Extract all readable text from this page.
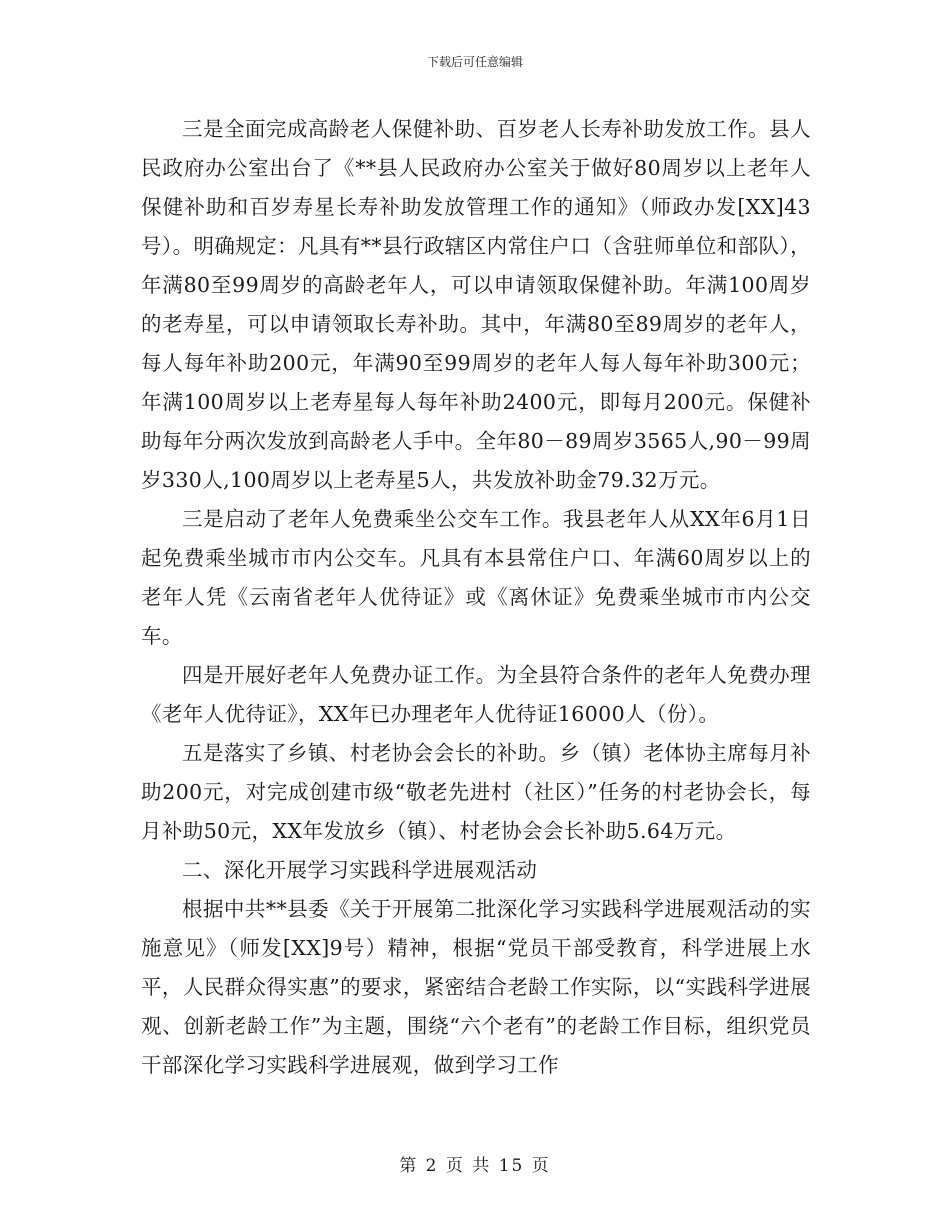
下载后可任意编辑

三是全面完成高龄老人保健补助、百岁老人长寿补助发放工作。县人民政府办公室出台了《**县人民政府办公室关于做好80周岁以上老年人保健补助和百岁寿星长寿补助发放管理工作的通知》（师政办发[XX]43号）。明确规定：凡具有**县行政辖区内常住户口（含驻师单位和部队），年满80至99周岁的高龄老年人，可以申请领取保健补助。年满100周岁的老寿星，可以申请领取长寿补助。其中，年满80至89周岁的老年人，每人每年补助200元，年满90至99周岁的老年人每人每年补助300元；年满100周岁以上老寿星每人每年补助2400元，即每月200元。保健补助每年分两次发放到高龄老人手中。全年80－89周岁3565人,90－99周岁330人,100周岁以上老寿星5人，共发放补助金79.32万元。

三是启动了老年人免费乘坐公交车工作。我县老年人从XX年6月1日起免费乘坐城市市内公交车。凡具有本县常住户口、年满60周岁以上的老年人凭《云南省老年人优待证》或《离休证》免费乘坐城市市内公交车。

四是开展好老年人免费办证工作。为全县符合条件的老年人免费办理《老年人优待证》，XX年已办理老年人优待证16000人（份）。

五是落实了乡镇、村老协会会长的补助。乡（镇）老体协主席每月补助200元，对完成创建市级“敬老先进村（社区）”任务的村老协会长，每月补助50元，XX年发放乡（镇）、村老协会会长补助5.64万元。

二、深化开展学习实践科学进展观活动

根据中共**县委《关于开展第二批深化学习实践科学进展观活动的实施意见》（师发[XX]9号）精神，根据“党员干部受教育，科学进展上水平，人民群众得实惠”的要求，紧密结合老龄工作实际，以“实践科学进展观、创新老龄工作”为主题，围绕“六个老有”的老龄工作目标，组织党员干部深化学习实践科学进展观，做到学习工作

第 2 页 共 15 页
